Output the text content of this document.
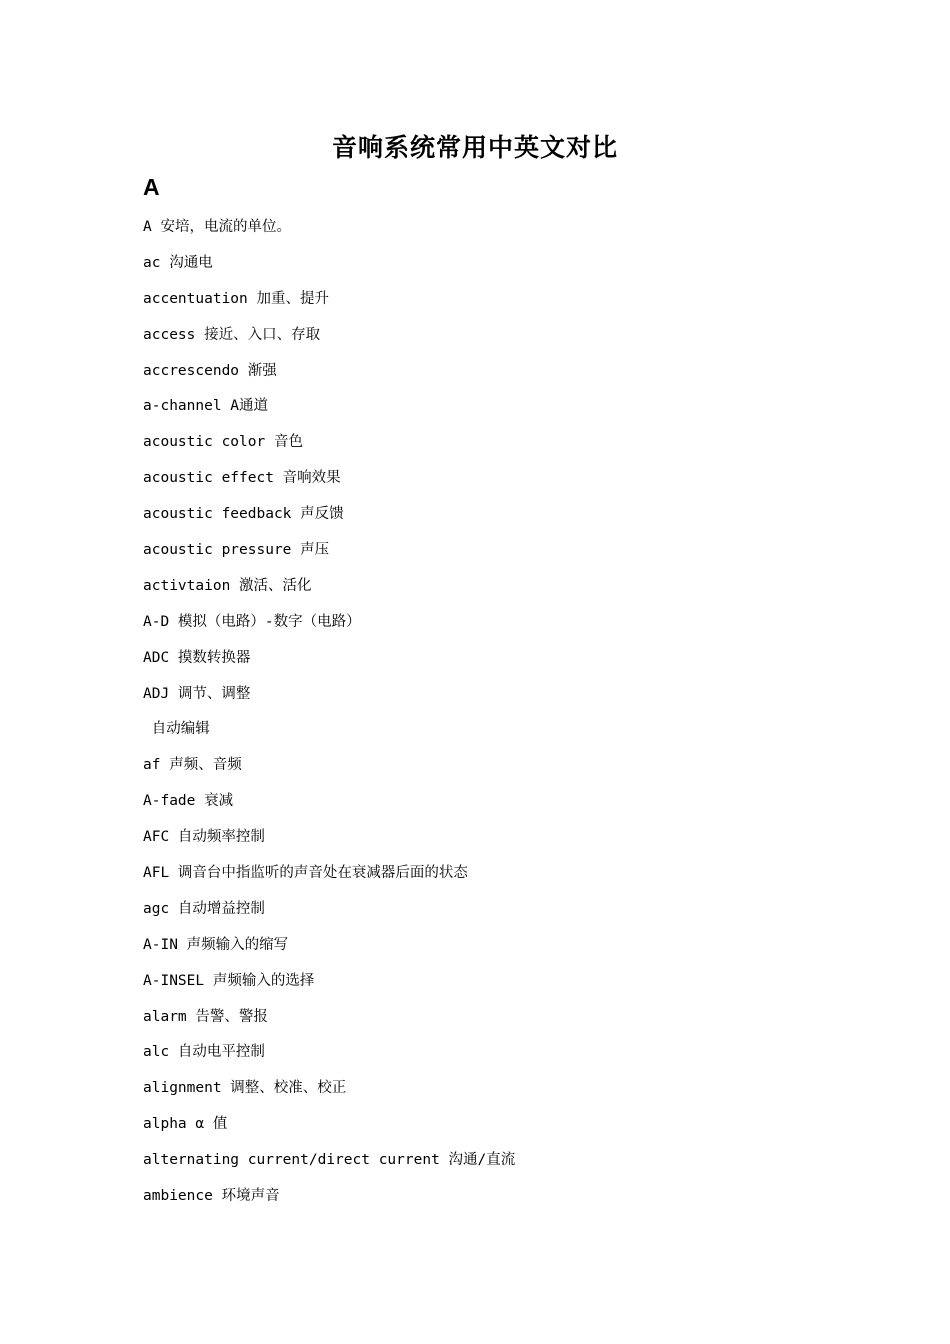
音响系统常用中英文对比
A
A 安培，电流的单位。
ac 沟通电
accentuation 加重、提升
access 接近、入口、存取
accrescendo 渐强
a-channel A通道
acoustic color 音色
acoustic effect 音响效果
acoustic feedback 声反馈
acoustic pressure 声压
activtaion 激活、活化
A-D 模拟（电路）-数字（电路）
ADC 摸数转换器
ADJ 调节、调整
自动编辑
af 声频、音频
A-fade 衰减
AFC 自动频率控制
AFL 调音台中指监听的声音处在衰减器后面的状态
agc 自动增益控制
A-IN 声频输入的缩写
A-INSEL 声频输入的选择
alarm 告警、警报
alc 自动电平控制
alignment 调整、校准、校正
alpha α 值
alternating current/direct current 沟通/直流
ambience 环境声音
